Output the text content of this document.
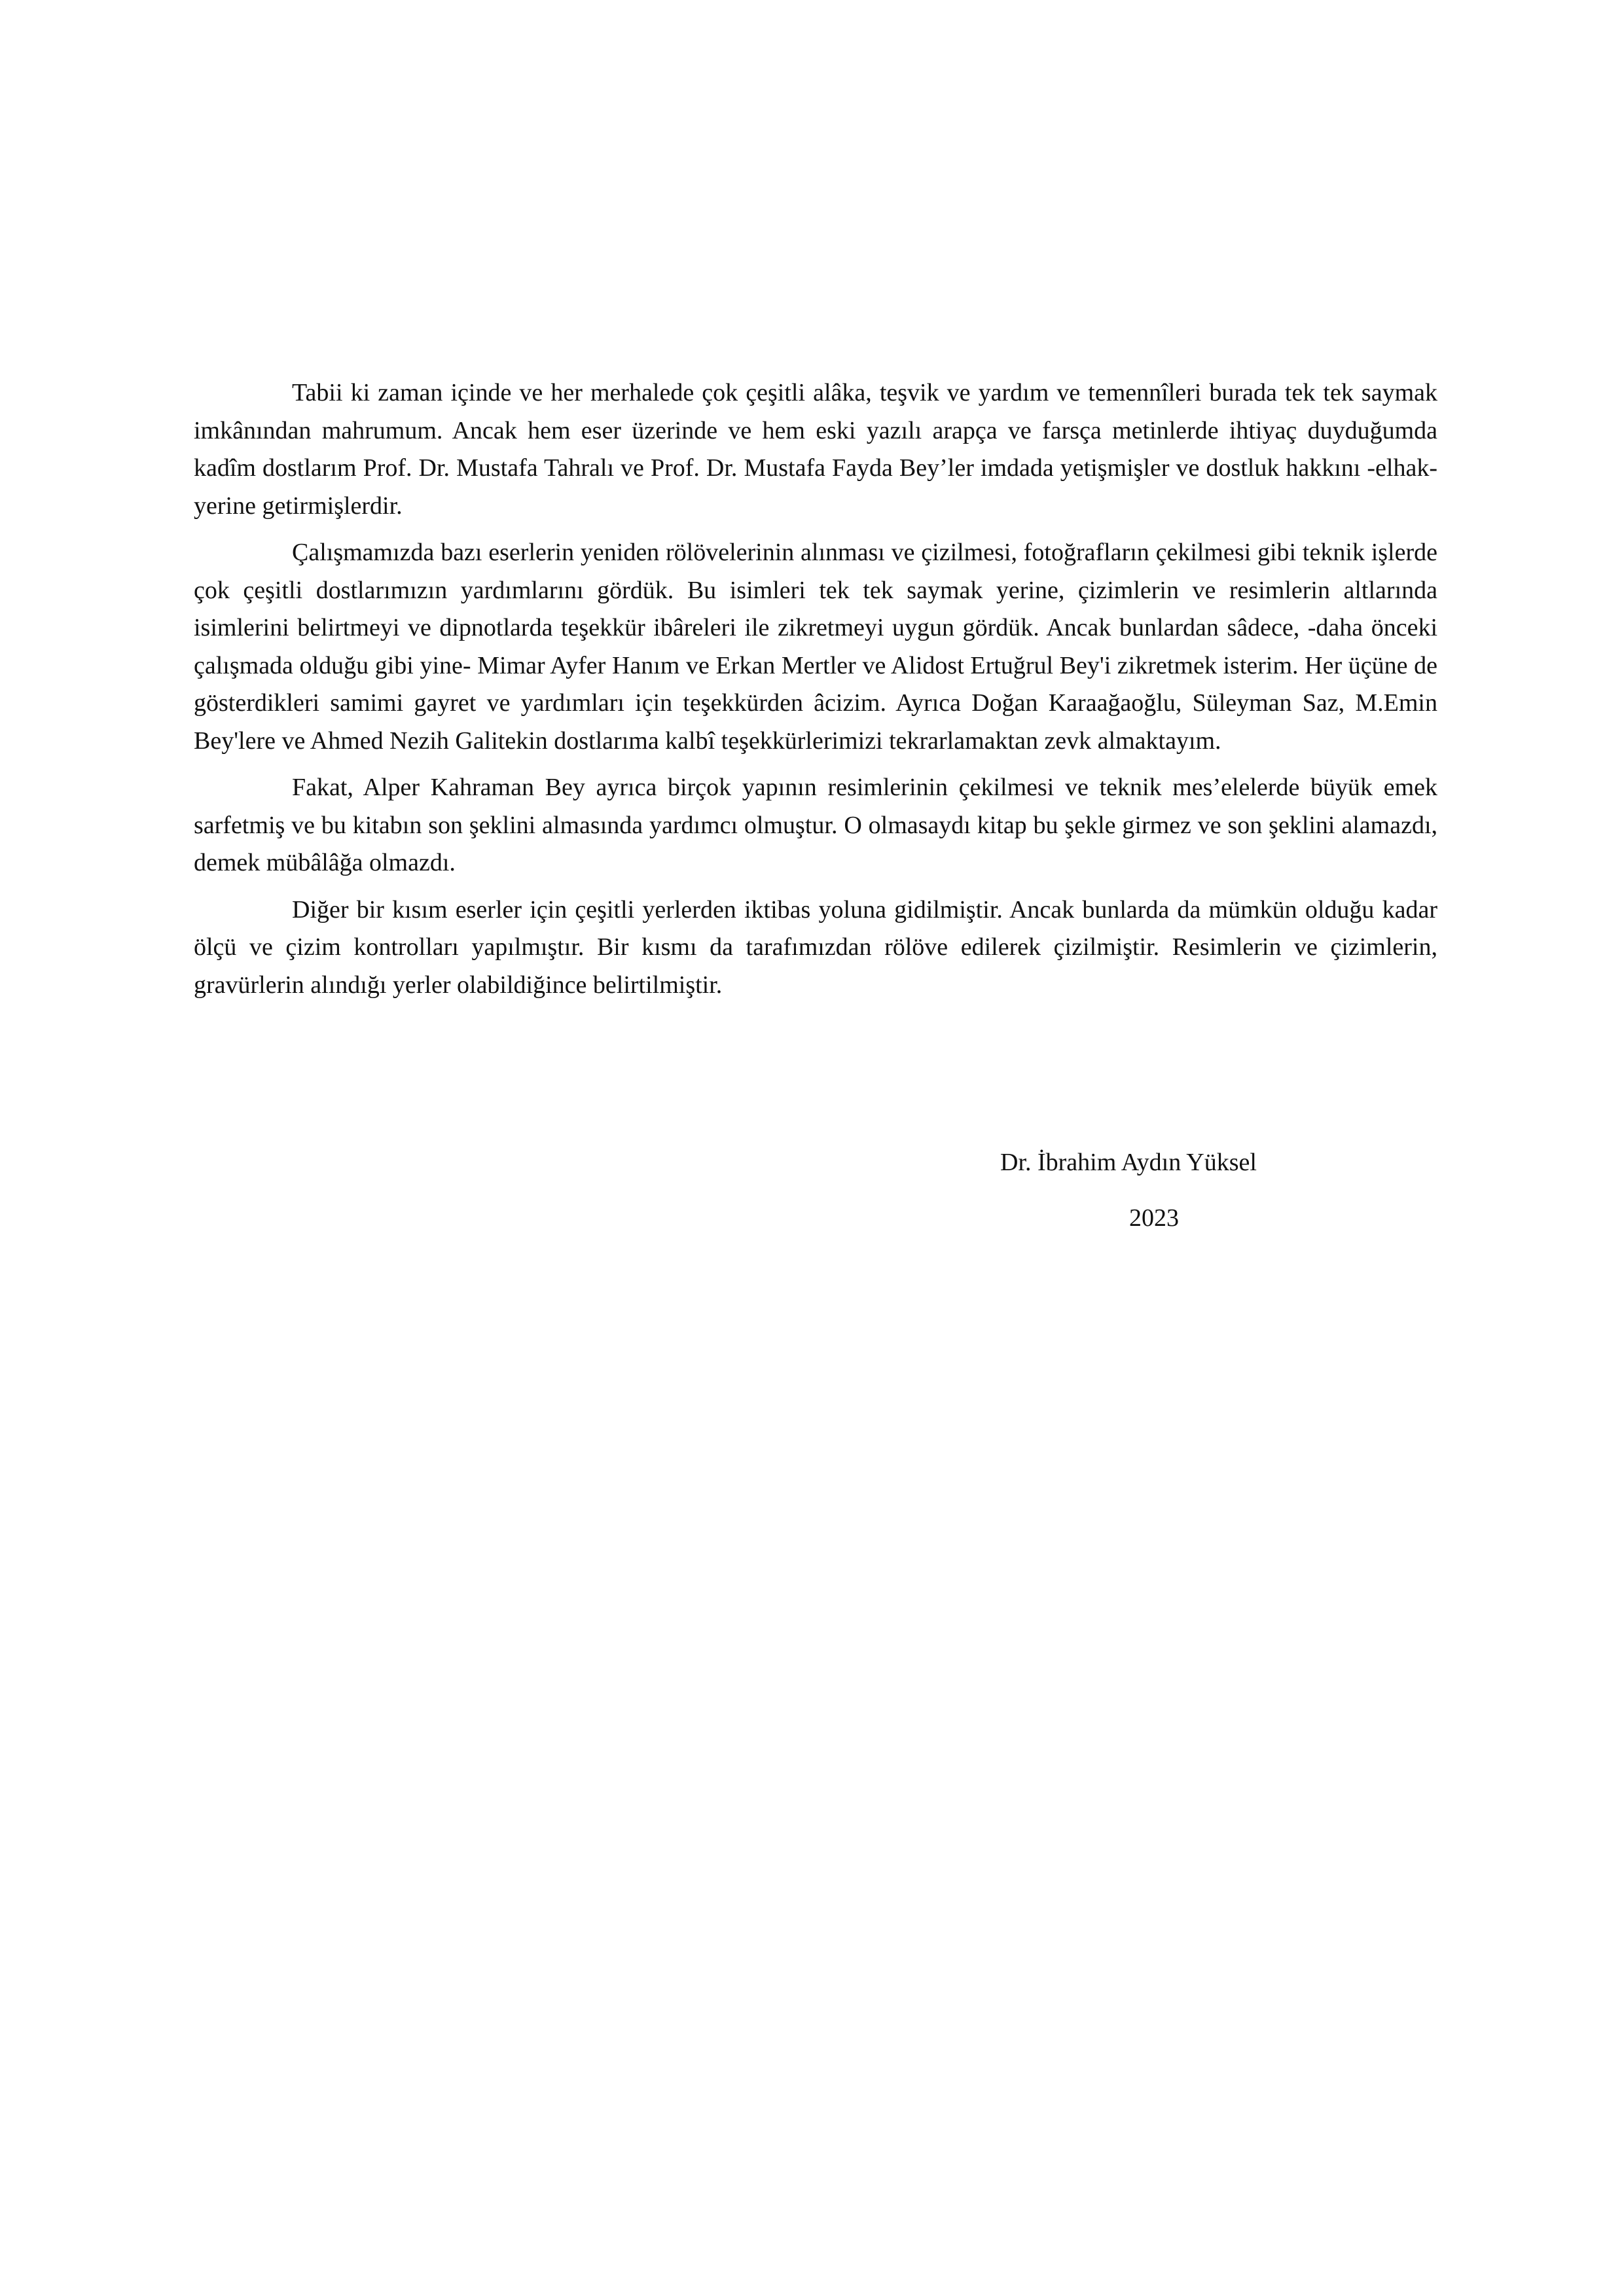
Tabii ki zaman içinde ve her merhalede çok çeşitli alâka, teşvik ve yardım ve temennîleri burada tek tek saymak imkânından mahrumum. Ancak hem eser üzerinde ve hem eski yazılı arapça ve farsça metinlerde ihtiyaç duyduğumda kadîm dostlarım Prof. Dr. Mustafa Tahralı ve Prof. Dr. Mustafa Fayda Bey’ler imdada yetişmişler ve dostluk hakkını -elhak- yerine getirmişlerdir.

Çalışmamızda bazı eserlerin yeniden rölövelerinin alınması ve çizilmesi, fotoğrafların çekilmesi gibi teknik işlerde çok çeşitli dostlarımızın yardımlarını gördük. Bu isimleri tek tek saymak yerine, çizimlerin ve resimlerin altlarında isimlerini belirtmeyi ve dipnotlarda teşekkür ibâreleri ile zikretmeyi uygun gördük. Ancak bunlardan sâdece, -daha önceki çalışmada olduğu gibi yine- Mimar Ayfer Hanım ve Erkan Mertler ve Alidost Ertuğrul Bey'i zikretmek isterim. Her üçüne de gösterdikleri samimi gayret ve yardımları için teşekkürden âcizim. Ayrıca Doğan Karaağaoğlu, Süleyman Saz, M.Emin Bey'lere ve Ahmed Nezih Galitekin dostlarıma kalbî teşekkürlerimizi tekrarlamaktan zevk almaktayım.

Fakat, Alper Kahraman Bey ayrıca birçok yapının resimlerinin çekilmesi ve teknik mes’elelerde büyük emek sarfetmiş ve bu kitabın son şeklini almasında yardımcı olmuştur. O olmasaydı kitap bu şekle girmez ve son şeklini alamazdı, demek mübâlâğa olmazdı.

Diğer bir kısım eserler için çeşitli yerlerden iktibas yoluna gidilmiştir. Ancak bunlarda da mümkün olduğu kadar ölçü ve çizim kontrolları yapılmıştır. Bir kısmı da tarafımızdan rölöve edilerek çizilmiştir. Resimlerin ve çizimlerin, gravürlerin alındığı yerler olabildiğince belirtilmiştir.

Dr. İbrahim Aydın Yüksel
2023
